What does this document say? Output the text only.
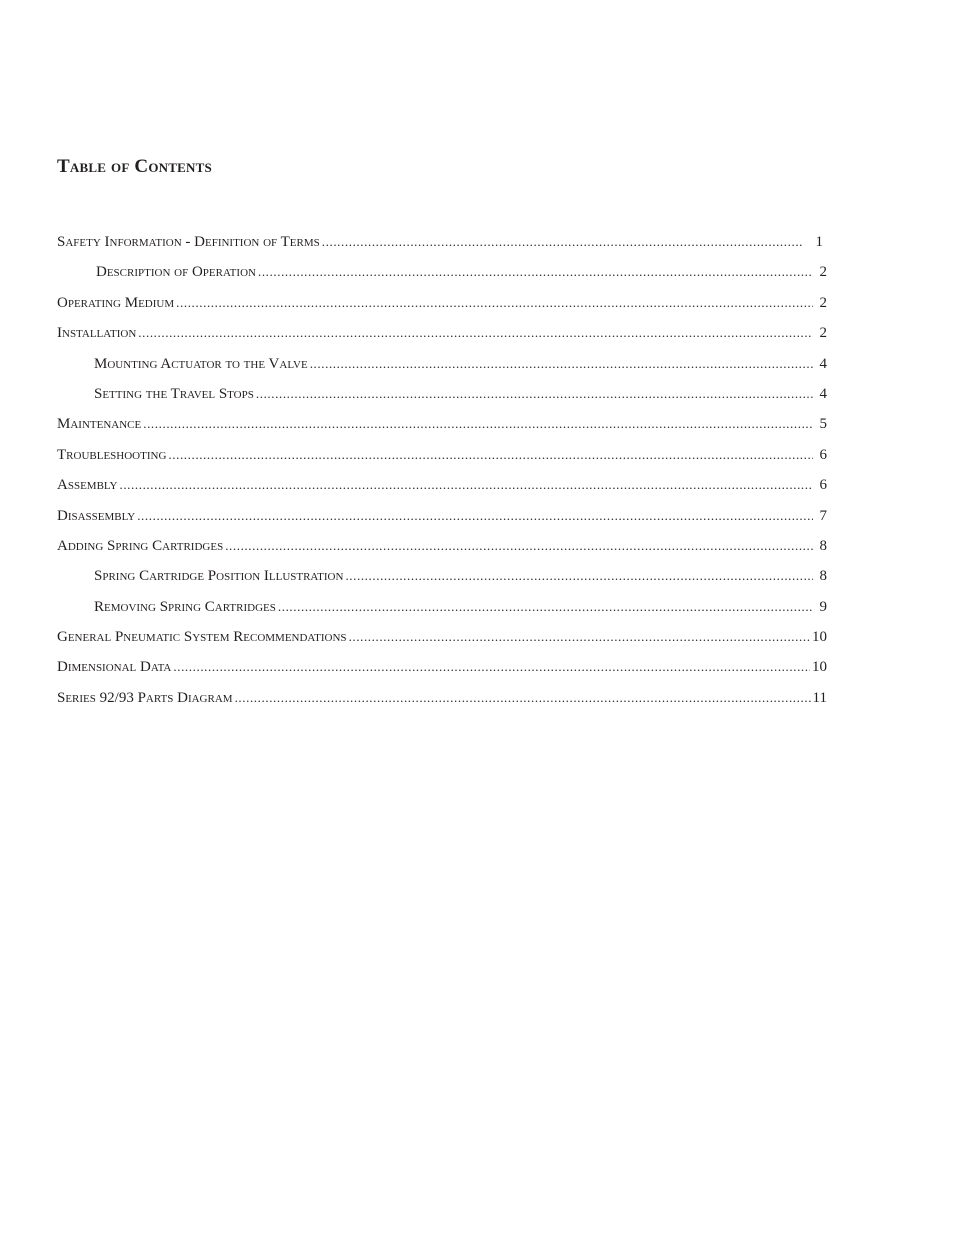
Table of Contents
Safety Information - Definition of Terms .....	1
Description of Operation .....	2
Operating Medium .....	2
Installation .....	2
Mounting Actuator to the Valve .....	4
Setting the Travel Stops .....	4
Maintenance .....	5
Troubleshooting .....	6
Assembly .....	6
Disassembly .....	7
Adding Spring Cartridges .....	8
Spring Cartridge Position Illustration .....	8
Removing Spring Cartridges .....	9
General Pneumatic System Recommendations .....	10
Dimensional Data .....	10
Series 92/93 Parts Diagram .....	11
